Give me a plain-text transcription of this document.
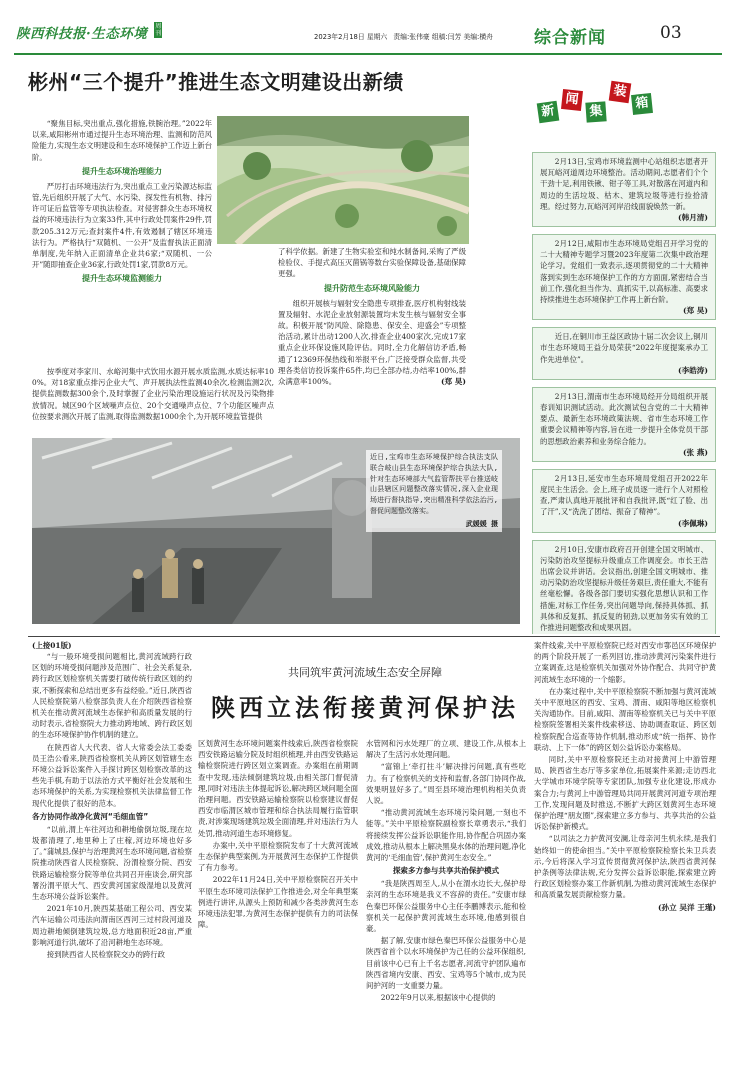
陕西科技报·生态环境 周刊	2023年2月18日 星期六 责编:张伟豪 组稿:闫芳 美编:横舟 综合新闻	03
彬州“三个提升”推进生态文明建设出新绩

“聚焦目标,突出重点,强化措施,铁腕治理。”2022年以来,咸阳彬州市通过提升生态环境治理、监测和防范风险能力,实现生态文明建设和生态环境保护工作迈上新台阶。

提升生态环境治理能力

严厉打击环境违法行为,突出重点工业污染源达标监管,先后组织开展了大气、水污染、探发性有机物、排污许可证后监管等专项执法检查。对侵害群众生态环境权益的环境违法行为立案33件,其中行政处罚案件29件,罚款205.312万元;查封案件4件,有效遏制了辖区环境违法行为。严格执行“双随机、一公开”及监督执法正面清单制度,先年纳入正面清单企业共6家;“双随机、一公开”随即抽查企业36家,行政处罚1家,罚款8万元。

提升生态环境监测能力

按季度对李家川、水峪河集中式饮用水源开展水质监测,水质达标率100%。对18家重点排污企业大气、声开展执法性监测40余次,检测监测2次,提供监测数据300余个,及时掌握了企业污染治理设施运行状况及污染物排放情况。城区90个区域噪声点位、20个交通噪声点位、7个功能区噪声点位按要求测次开展了监测,取得监测数据1000余个,为开展环境监管提供

了科学依据。新建了生物实验室和纯水制备间,采购了严级检验仪、手提式高压灭菌锅等数台实验保障设备,基础保障更强。

提升防范生态环境风险能力

组织开展核与辐射安全隐患专项排查,医疗机构射线装置及辐射、水泥企业放射源装置均未发生核与辐射安全事故。积极开展“防风险、除隐患、保安全、迎盛会”专项整治活动,累计出动1200人次,排查企业400家次,完成17家重点企业环保设施风险评估。同时,全力化解信访矛盾,畅通了12369环保热线和举报平台,广泛接受群众监督,共受理各类信访投诉案件65件,均已全部办结,办结率100%,群众满意率100%。	(郑 昊)
新
闻
集
装
箱
2月13日,宝鸡市环境监测中心站组织志愿者开展瓦峪河道周边环境整治。活动期间,志愿者们个个干劲十足,利用铁锹、钳子等工具,对散落在河道内和周边的生活垃圾、枯木、建筑垃圾等进行捡拾清理。经过努力,瓦峪河河岸沿线面貌焕然一新。
(韩月清)
2月12日,咸阳市生态环境局党组召开学习党的二十大精神专题学习暨2023年度第二次集中政治理论学习。党组们一致表示,逐项贯彻党的二十大精神落到实到生态环境保护工作的方方面面,紧密结合当前工作,强化担当作为、真抓实干,以高标准、高要求持续推进生态环境保护工作再上新台阶。
(郑 昊)
近日,在铜川市王益区政协十届二次会议上,铜川市生态环境局王益分局荣获“2022年度提案承办工作先进单位”。
(李皓涛)
2月13日,渭南市生态环境局经开分局组织开展春训知识测试活动。此次测试包含党的二十大精神要点、最新生态环境政策法规、省市生态环境工作重要会议精神等内容,旨在进一步提升全体党员干部的思想政治素养和业务综合能力。
(张 燕)
2月13日,延安市生态环境局党组召开2022年度民主生活会。会上,班子成员逐一进行个人对照检查,严肃认真地开展批评和自我批评,既“红了脸、出了汗”,又“洗洗了团结、振奋了精神”。
(李佩琳)
2月10日,安康市政府召开创建全国文明城市、污染防治攻坚提标升级重点工作调度会。市长王浩出席会议并讲话。会议指出,创建全国文明城市、推动污染防治攻坚提标升级任务艰巨,责任重大,不能有丝毫松懈。各级各部门要切实强化思想认识和工作措施,对标工作任务,突出问题导向,保持具体抓、抓具体和反复抓、抓反复的韧劲,以更加务实有效的工作推进问题整改和成果巩固。
近日,宝鸡市生态环境保护综合执法支队联合岐山县生态环境保护综合执法大队,针对生态环境部大气监管帮扶平台推送岐山县辖区问题整改落实情况,深入企业现场进行督执指导,突出精准科学依法治污,督促问题整改落实。
武媛媛 摄
共同筑牢黄河流域生态安全屏障
陕西立法衔接黄河保护法
(上接01版)

“与一般环境受损问题相比,黄河流域跨行政区划的环境受损问题涉及范围广、社会关系复杂,跨行政区划检察机关需要打破传统行政区划的约束,不断探索和总结出更多有益经验。”近日,陕西省人民检察院第八检察部负责人在介绍陕西省检察机关在推动黄河流域生态保护和高质量发展的行动时表示,省检察院大力推动跨地域、跨行政区划的生态环境保护协作机制的建立。

在陕西省人大代表、省人大常委会法工委委员王浩公看来,陕西省检察机关从跨区划管辖生态环境公益诉讼案件入手探讨跨区划检察改革的这些先手棋,有助于以法治方式平衡好社会发展和生态环境保护的关系,为实现检察机关法律监督工作现代化提供了很好的范本。

各方协同作战净化黄河“毛细血管”

“以前,渭上车往河边和耕地偷倒垃圾,现在垃圾都清理了,地里种上了庄稼,河边环境也好多了。”蒲城县,保护与治理黄河生态环境问题,省检察院推动陕西省人民检察院、汾渭检察分院、西安铁路运输检察分院等单位共同召开座谈会,研究部署汾渭平原大气、西安黄河国家级湿地以及黄河生态环境公益诉讼案件。

2021年10月,陕西某基础工程公司、西安某汽车运输公司违法向渭南区西河三过村段河道及周边耕地倾倒建筑垃圾,总方地面积近28亩,严重影响河道行洪,破坏了沿河耕地生态环境。

接到陕西省人民检察院交办的跨行政

区划黄河生态环境问题案件线索后,陕西省检察院西安铁路运输分院及时组织梳理,并由西安铁路运输检察院进行跨区划立案调查。办案组在前期调查中发现,违法倾倒建筑垃圾,由相关部门督促清理,同时对违法主体提起诉讼,解决跨区域问题全面治理问题。西安铁路运输检察院以检察建议督促西安市临渭区城市管理和综合执法局履行监管职责,对涉案现场建筑垃圾全面清理,并对违法行为人处罚,推动河道生态环境修复。

办案中,关中平原检察院发布了十大黄河流域生态保护典型案例,为开展黄河生态保护工作提供了有力参考。

2022年11月24日,关中平原检察院召开关中平原生态环境司法保护工作推进会,对全年典型案例进行讲评,从源头上预防和减少各类涉黄河生态环境违法犯罪,为黄河生态保护提供有力的司法保障。

水管网和污水处理厂的立项、建设工作,从根本上解决了生活污水处理问题。

“富锦上‘牵打拄斗’解决排污问题,真有些吃力。有了检察机关的支持和监督,各部门协同作战,效果明显好多了。”周至县环境治理机构相关负责人说。

“推动黄河流域生态环境污染问题,一刻也不能等。”关中平原检察院副检察长章勇表示,“我们将接续发挥公益诉讼职能作用,协作配合巩固办案成效,推动从根本上解决黑臭水体的治理问题,净化黄河的‘毛细血管’,保护黄河生态安全。”

探索多方参与共享共治保护模式

“我是陕西周至人,从小在渭水边长大,保护母亲河的生态环境是我义不容辞的责任。”安康市绿色秦巴环保公益服务中心主任李鹏博表示,能和检察机关一起保护黄河流域生态环境,他感到很自豪。

据了解,安康市绿色秦巴环保公益服务中心是陕西省首个以水环境保护为己任的公益环保组织,目前该中心已有上千名志愿者,河流守护团队遍布陕西省境内安康、西安、宝鸡等5个城市,成为民间护河的一支重要力量。

2022年9月以来,根据该中心提供的

案件线索,关中平原检察院已经对西安市鄠邑区环境保护的两个阶段开展了一系列回访,推动涉黄河污染案件进行立案调查,这是检察机关加强对外协作配合、共同守护黄河流域生态环境的一个缩影。

在办案过程中,关中平原检察院不断加强与黄河流域关中平原地区的西安、宝鸡、渭南、咸阳等地区检察机关沟通协作。目前,咸阳、渭南等检察机关已与关中平原检察院签署相关案件线索移送、协助调查取证、跨区划检察院配合巡查等协作机制,推动形成“统一指挥、协作联动、上下一体”的跨区划公益诉讼办案格局。

同时,关中平原检察院还主动对接黄河上中游管理局、陕西省生态厅等多家单位,拓展案件来源;走访西北大学城市环境学院等专家团队,加强专业化建设,形成办案合力;与黄河上中游管理局共同开展黄河河道专项治理工作,发现问题及时推送,不断扩大跨区划黄河生态环境保护治理“朋友圈”,探索建立多方参与、共享共治的公益诉讼保护新模式。

“以司法之力护黄河安澜,让母亲河生机永续,是我们始终如一的使命担当。”关中平原检察院检察长朱卫兵表示,今后将深入学习宣传贯彻黄河保护法,陕西省黄河保护条例等法律法规,充分发挥公益诉讼职能,探索建立跨行政区划检察办案工作新机制,为推动黄河流域生态保护和高质量发展贡献检察力量。

(孙立 吴洋 王瑾)
